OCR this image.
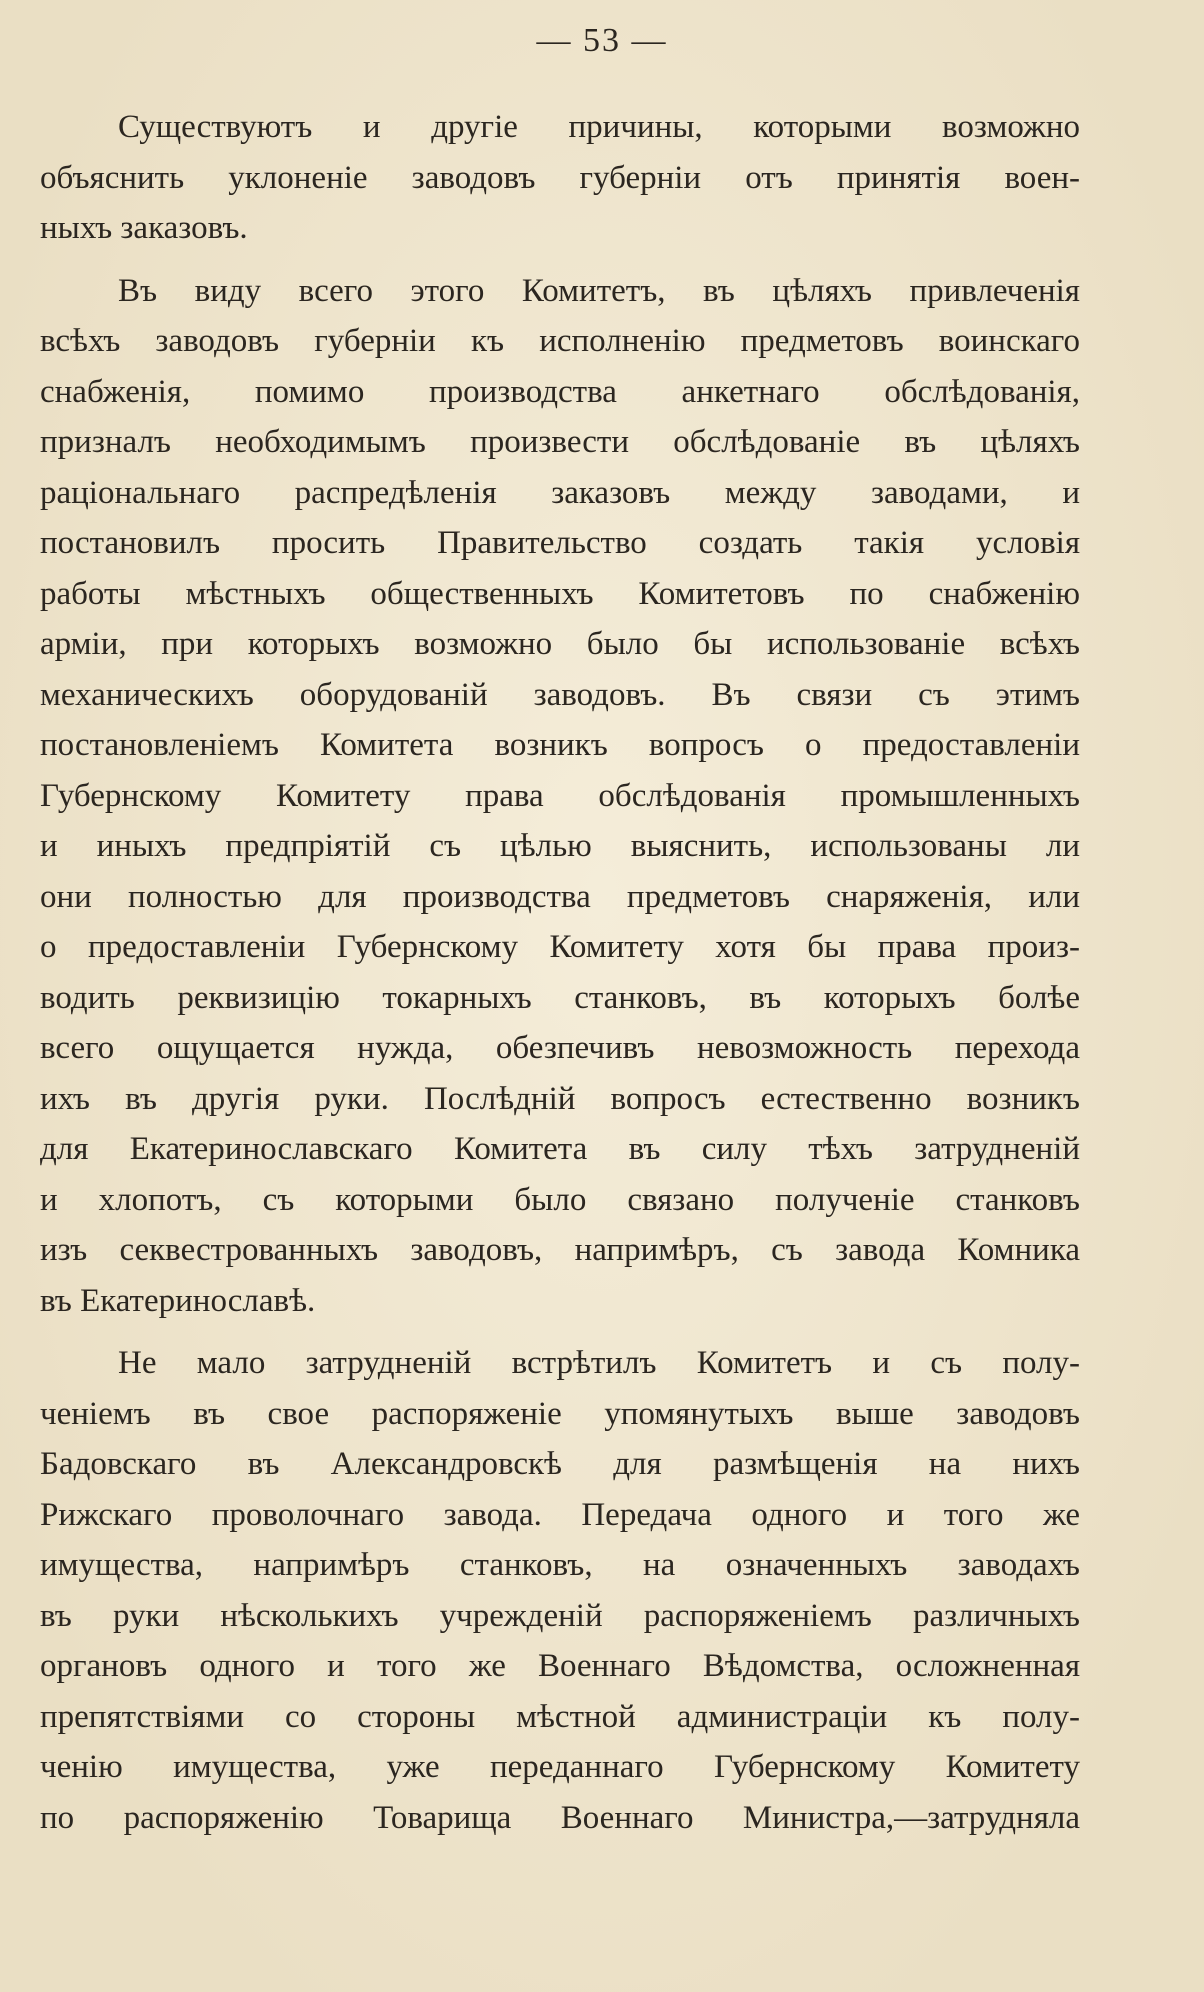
— 53 —
Существуютъ и другіе причины, которыми возможно
объяснить уклоненіе заводовъ губерніи отъ принятія воен-
ныхъ заказовъ.
Въ виду всего этого Комитетъ, въ цѣляхъ привлеченія
всѣхъ заводовъ губерніи къ исполненію предметовъ воинскаго
снабженія, помимо производства анкетнаго обслѣдованія,
призналъ необходимымъ произвести обслѣдованіе въ цѣляхъ
раціональнаго распредѣленія заказовъ между заводами, и
постановилъ просить Правительство создать такія условія
работы мѣстныхъ общественныхъ Комитетовъ по снабженію
арміи, при которыхъ возможно было бы использованіе всѣхъ
механическихъ оборудованій заводовъ. Въ связи съ этимъ
постановленіемъ Комитета возникъ вопросъ о предоставленіи
Губернскому Комитету права обслѣдованія промышленныхъ
и иныхъ предпріятій съ цѣлью выяснить, использованы ли
они полностью для производства предметовъ снаряженія, или
о предоставленіи Губернскому Комитету хотя бы права произ-
водить реквизицію токарныхъ станковъ, въ которыхъ болѣе
всего ощущается нужда, обезпечивъ невозможность перехода
ихъ въ другія руки. Послѣдній вопросъ естественно возникъ
для Екатеринославскаго Комитета въ силу тѣхъ затрудненій
и хлопотъ, съ которыми было связано полученіе станковъ
изъ секвестрованныхъ заводовъ, напримѣръ, съ завода Комника
въ Екатеринославѣ.
Не мало затрудненій встрѣтилъ Комитетъ и съ полу-
ченіемъ въ свое распоряженіе упомянутыхъ выше заводовъ
Бадовскаго въ Александровскѣ для размѣщенія на нихъ
Рижскаго проволочнаго завода. Передача одного и того же
имущества, напримѣръ станковъ, на означенныхъ заводахъ
въ руки нѣсколькихъ учрежденій распоряженіемъ различныхъ
органовъ одного и того же Военнаго Вѣдомства, осложненная
препятствіями со стороны мѣстной администраціи къ полу-
ченію имущества, уже переданнаго Губернскому Комитету
по распоряженію Товарища Военнаго Министра,—затрудняла
